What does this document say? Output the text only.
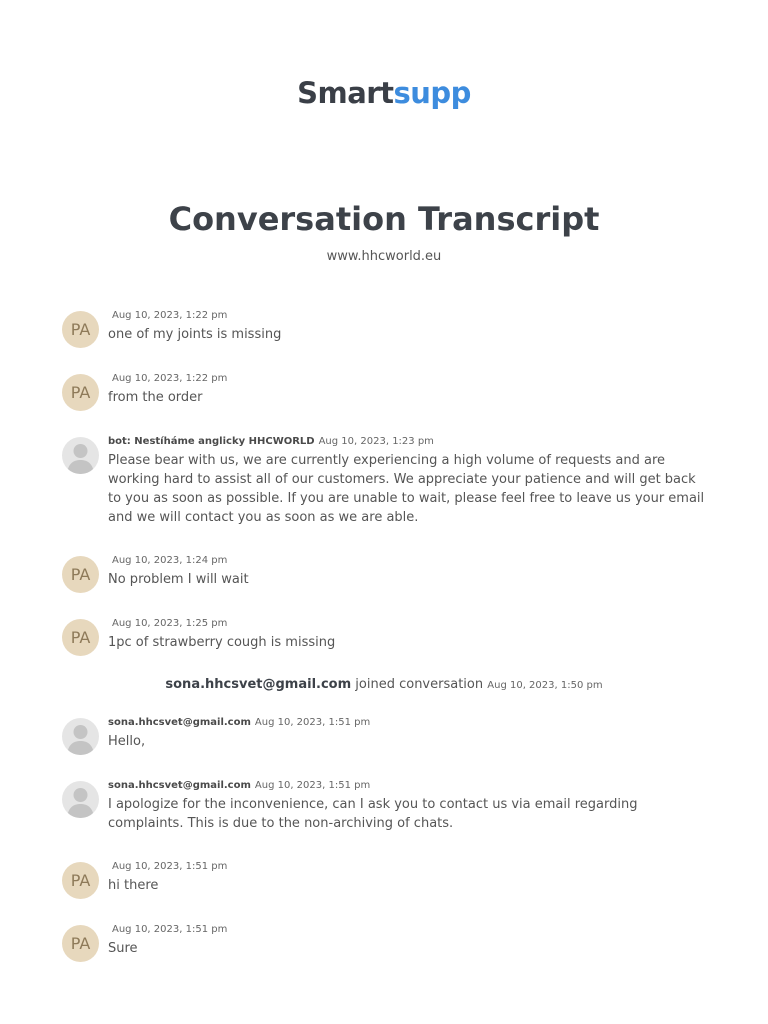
Smartsupp
Conversation Transcript
www.hhcworld.eu
PA
Aug 10, 2023, 1:22 pm
one of my joints is missing
PA
Aug 10, 2023, 1:22 pm
from the order
bot: Nestíháme anglicky HHCWORLD Aug 10, 2023, 1:23 pm
Please bear with us, we are currently experiencing a high volume of requests and are working hard to assist all of our customers. We appreciate your patience and will get back to you as soon as possible. If you are unable to wait, please feel free to leave us your email and we will contact you as soon as we are able.
PA
Aug 10, 2023, 1:24 pm
No problem I will wait
PA
Aug 10, 2023, 1:25 pm
1pc of strawberry cough is missing
sona.hhcsvet@gmail.com joined conversation Aug 10, 2023, 1:50 pm
sona.hhcsvet@gmail.com Aug 10, 2023, 1:51 pm
Hello,
sona.hhcsvet@gmail.com Aug 10, 2023, 1:51 pm
I apologize for the inconvenience, can I ask you to contact us via email regarding complaints. This is due to the non-archiving of chats.
PA
Aug 10, 2023, 1:51 pm
hi there
PA
Aug 10, 2023, 1:51 pm
Sure
